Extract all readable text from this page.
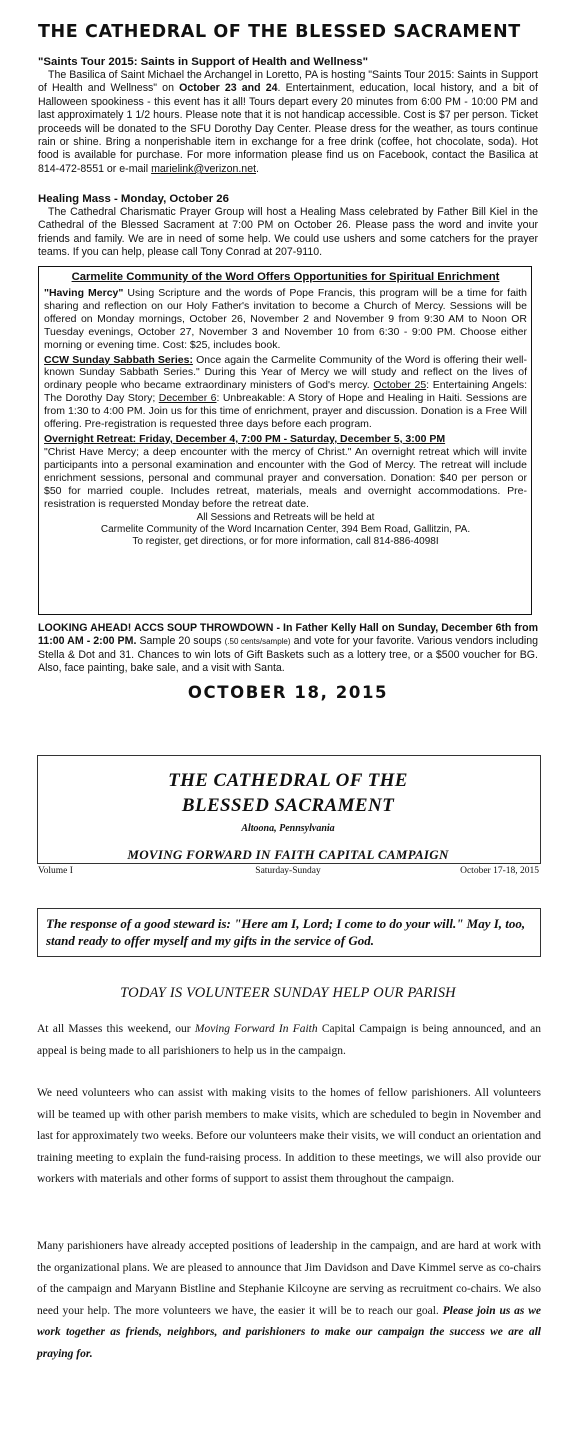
THE CATHEDRAL OF THE BLESSED SACRAMENT
"Saints Tour 2015: Saints in Support of Health and Wellness"

The Basilica of Saint Michael the Archangel in Loretto, PA is hosting "Saints Tour 2015: Saints in Support of Health and Wellness" on October 23 and 24. Entertainment, education, local history, and a bit of Halloween spookiness - this event has it all! Tours depart every 20 minutes from 6:00 PM - 10:00 PM and last approximately 1 1/2 hours. Please note that it is not handicap accessible. Cost is $7 per person. Ticket proceeds will be donated to the SFU Dorothy Day Center. Please dress for the weather, as tours continue rain or shine. Bring a nonperishable item in exchange for a free drink (coffee, hot chocolate, soda). Hot food is available for purchase. For more information please find us on Facebook, contact the Basilica at 814-472-8551 or e-mail marielink@verizon.net.

Healing Mass - Monday, October 26

The Cathedral Charismatic Prayer Group will host a Healing Mass celebrated by Father Bill Kiel in the Cathedral of the Blessed Sacrament at 7:00 PM on October 26. Please pass the word and invite your friends and family. We are in need of some help. We could use ushers and some catchers for the prayer teams. If you can help, please call Tony Conrad at 207-9110.

Carmelite Community of the Word Offers Opportunities for Spiritual Enrichment

"Having Mercy" Using Scripture and the words of Pope Francis, this program will be a time for faith sharing and reflection on our Holy Father's invitation to become a Church of Mercy. Sessions will be offered on Monday mornings, October 26, November 2 and November 9 from 9:30 AM to Noon OR Tuesday evenings, October 27, November 3 and November 10 from 6:30 - 9:00 PM. Choose either morning or evening time. Cost: $25, includes book.

CCW Sunday Sabbath Series: Once again the Carmelite Community of the Word is offering their well-known Sunday Sabbath Series." During this Year of Mercy we will study and reflect on the lives of ordinary people who became extraordinary ministers of God's mercy. October 25: Entertaining Angels: The Dorothy Day Story; December 6: Unbreakable: A Story of Hope and Healing in Haiti. Sessions are from 1:30 to 4:00 PM. Join us for this time of enrichment, prayer and discussion. Donation is a Free Will offering. Pre-registration is requested three days before each program.

Overnight Retreat: Friday, December 4, 7:00 PM - Saturday, December 5, 3:00 PM

"Christ Have Mercy; a deep encounter with the mercy of Christ." An overnight retreat which will invite participants into a personal examination and encounter with the God of Mercy. The retreat will include enrichment sessions, personal and communal prayer and conversation. Donation: $40 per person or $50 for married couple. Includes retreat, materials, meals and overnight accommodations. Pre- resistration is requersted Monday before the retreat date.

All Sessions and Retreats will be held at

Carmelite Community of the Word Incarnation Center, 394 Bem Road, Gallitzin, PA.

To register, get directions, or for more information, call 814-886-4098I

LOOKING AHEAD! ACCS SOUP THROWDOWN - In Father Kelly Hall on Sunday, December 6th from 11:00 AM - 2:00 PM. Sample 20 soups (.50 cents/sample) and vote for your favorite. Various vendors including Stella & Dot and 31. Chances to win lots of Gift Baskets such as a lottery tree, or a $500 voucher for BG. Also, face painting, bake sale, and a visit with Santa.

OCTOBER 18, 2015
THE CATHEDRAL OF THE
BLESSED SACRAMENT
Altoona, Pennsylvania
MOVING FORWARD IN FAITH CAPITAL CAMPAIGN
Volume I	Saturday-Sunday	October 17-18, 2015
The response of a good steward is: "Here am I, Lord; I come to do your will." May I, too, stand ready to offer myself and my gifts in the service of God.
TODAY IS VOLUNTEER SUNDAY HELP OUR PARISH
At all Masses this weekend, our Moving Forward In Faith Capital Campaign is being announced, and an appeal is being made to all parishioners to help us in the campaign.
We need volunteers who can assist with making visits to the homes of fellow parishioners. All volunteers will be teamed up with other parish members to make visits, which are scheduled to begin in November and last for approximately two weeks. Before our volunteers make their visits, we will conduct an orientation and training meeting to explain the fund-raising process. In addition to these meetings, we will also provide our workers with materials and other forms of support to assist them throughout the campaign.
Many parishioners have already accepted positions of leadership in the campaign, and are hard at work with the organizational plans. We are pleased to announce that Jim Davidson and Dave Kimmel serve as co-chairs of the campaign and Maryann Bistline and Stephanie Kilcoyne are serving as recruitment co-chairs. We also need your help. The more volunteers we have, the easier it will be to reach our goal. Please join us as we work together as friends, neighbors, and parishioners to make our campaign the success we are all praying for.
